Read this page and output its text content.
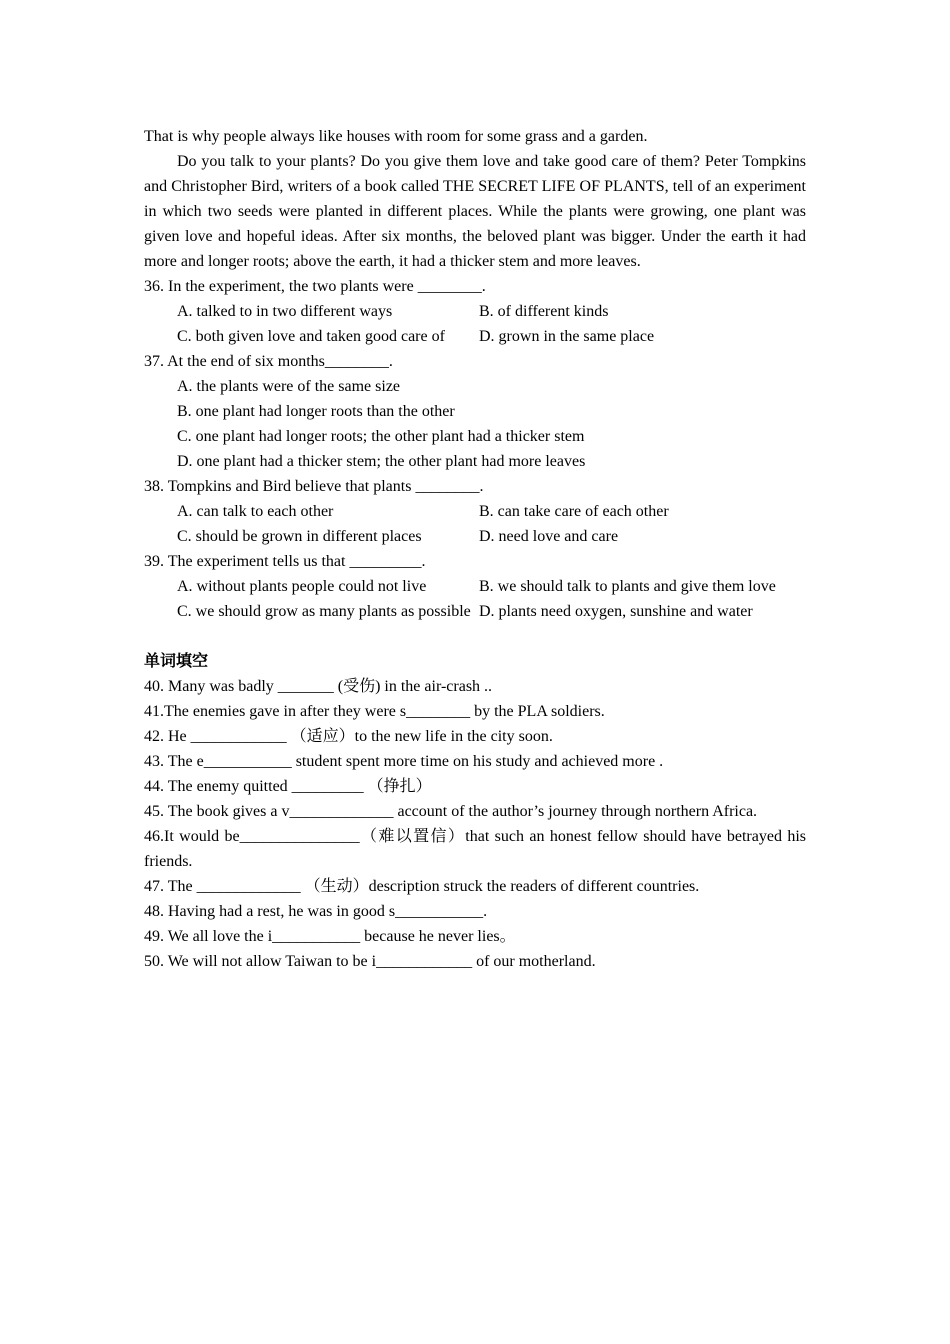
That is why people always like houses with room for some grass and a garden.

Do you talk to your plants? Do you give them love and take good care of them? Peter Tompkins and Christopher Bird, writers of a book called THE SECRET LIFE OF PLANTS, tell of an experiment in which two seeds were planted in different places. While the plants were growing, one plant was given love and hopeful ideas. After six months, the beloved plant was bigger. Under the earth it had more and longer roots; above the earth, it had a thicker stem and more leaves.

36. In the experiment, the two plants were ________.

A. talked to in two different ways	B. of different kinds
C. both given love and taken good care of	D. grown in the same place

37. At the end of six months________.

A. the plants were of the same size

B. one plant had longer roots than the other

C. one plant had longer roots; the other plant had a thicker stem

D. one plant had a thicker stem; the other plant had more leaves

38. Tompkins and Bird believe that plants ________.

A. can talk to each other	B. can take care of each other
C. should be grown in different places	D. need love and care

39. The experiment tells us that _________.

A. without plants people could not live	B. we should talk to plants and give them love
C. we should grow as many plants as possible D. plants need oxygen, sunshine and water

单词填空

40. Many was badly _______ (受伤) in the air-crash ..

41.The enemies gave in after they were s________ by the PLA soldiers.

42. He ____________ （适应）to the new life in the city soon.

43. The e___________ student spent more time on his study and achieved more .

44. The enemy quitted _________ （挣扎）

45. The book gives a v_____________ account of the author’s journey through northern Africa.

46.It would be_______________（难以置信）that such an honest fellow should have betrayed his friends.

47. The _____________ （生动）description struck the readers of different countries.

48. Having had a rest, he was in good s___________.

49. We all love the i___________ because he never lies。

50. We will not allow Taiwan to be i____________ of our motherland.
